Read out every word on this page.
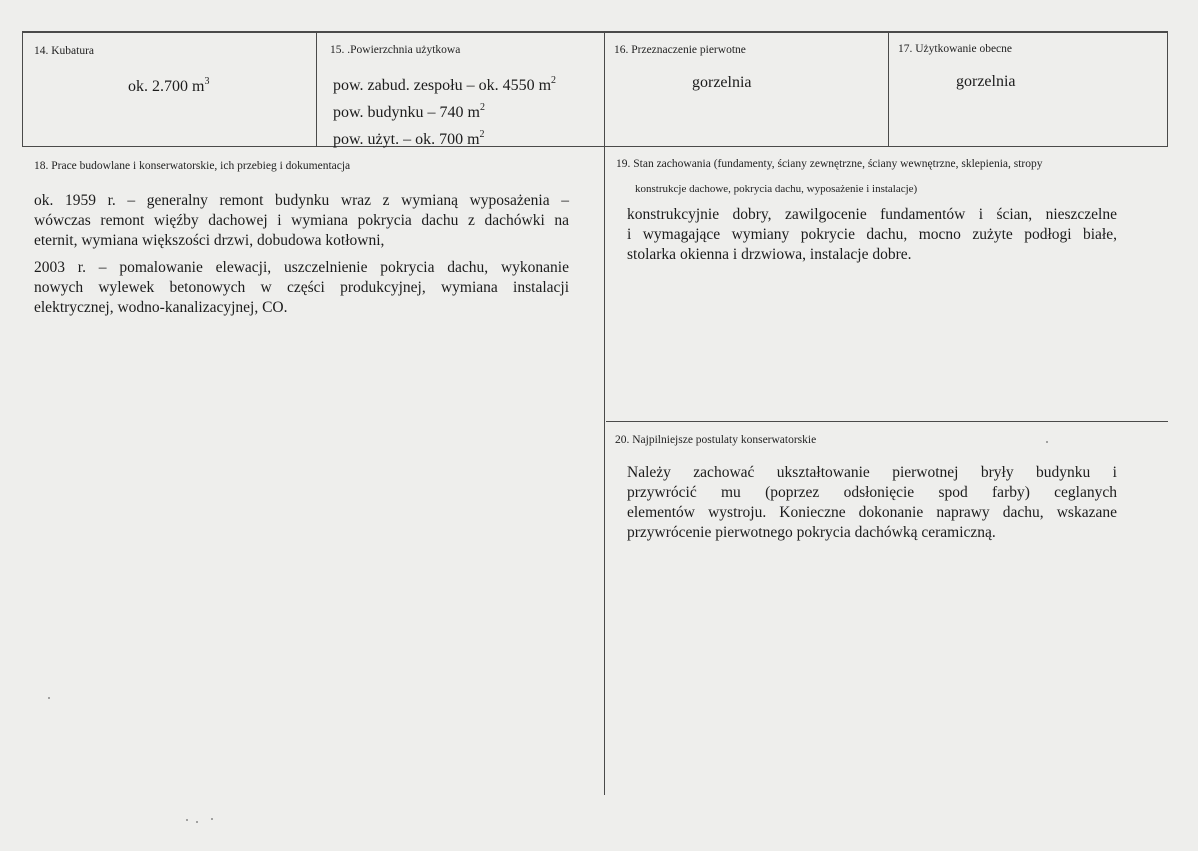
14. Kubatura
ok. 2.700 $m^3$
15. .Powierzchnia użytkowa
pow. zabud. zespołu – ok. 4550 $m^2$
pow. budynku – 740 $m^2$
pow. użyt. – ok. 700 $m^2$
16. Przeznaczenie pierwotne
gorzelnia
17. Użytkowanie obecne
gorzelnia
18. Prace budowlane i konserwatorskie, ich przebieg i dokumentacja
ok. 1959 r. – generalny remont budynku wraz z wymianą wyposażenia –
wówczas remont więźby dachowej i wymiana pokrycia dachu z dachówki na
eternit, wymiana większości drzwi, dobudowa kotłowni,
2003 r. – pomalowanie elewacji, uszczelnienie pokrycia dachu, wykonanie
nowych wylewek betonowych w części produkcyjnej, wymiana instalacji
elektrycznej, wodno-kanalizacyjnej, CO.
19. Stan zachowania (fundamenty, ściany zewnętrzne, ściany wewnętrzne, sklepienia, stropy
konstrukcje dachowe, pokrycia dachu, wyposażenie i instalacje)
konstrukcyjnie dobry, zawilgocenie fundamentów i ścian, nieszczelne
i wymagające wymiany pokrycie dachu, mocno zużyte podłogi białe,
stolarka okienna i drzwiowa, instalacje dobre.
20. Najpilniejsze postulaty konserwatorskie
Należy zachować ukształtowanie pierwotnej bryły budynku i
przywrócić mu (poprzez odsłonięcie spod farby) ceglanych
elementów wystroju. Konieczne dokonanie naprawy dachu, wskazane
przywrócenie pierwotnego pokrycia dachówką ceramiczną.
